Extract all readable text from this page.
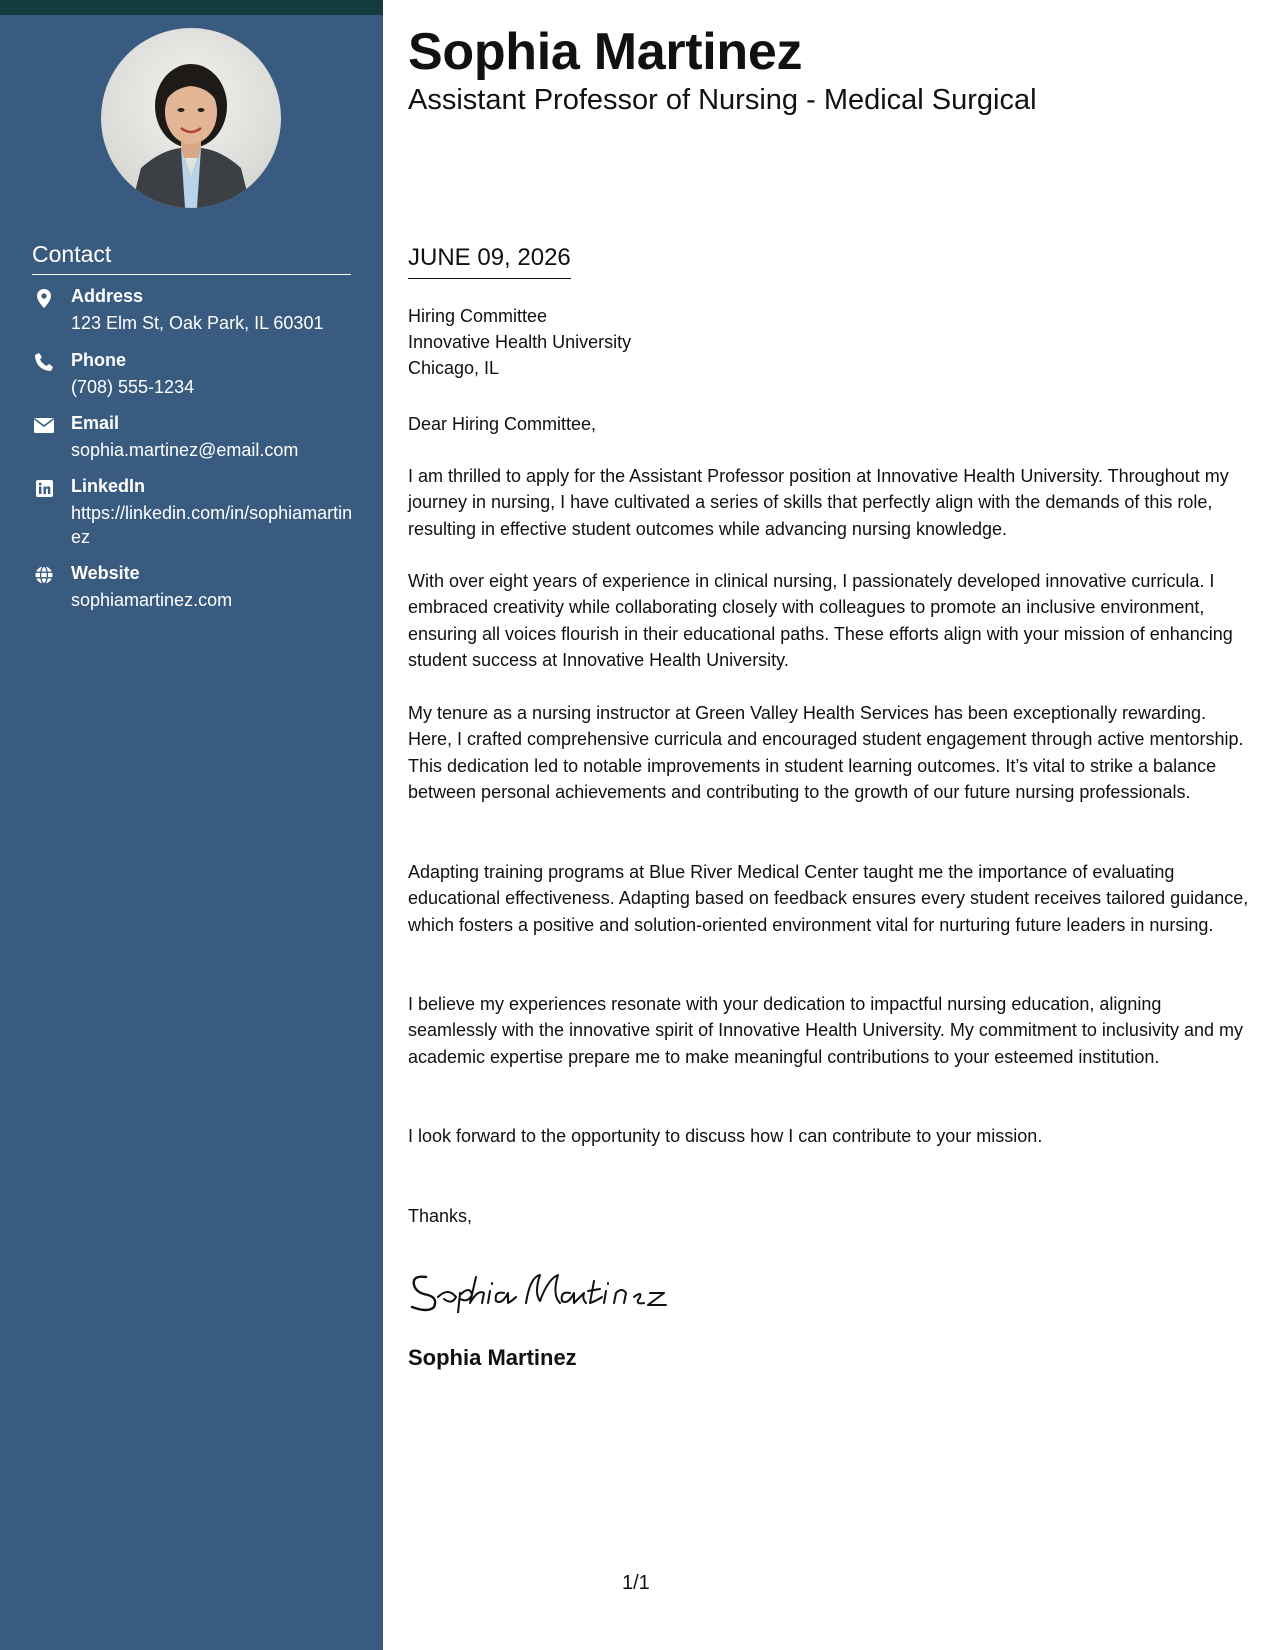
Contact
Address
123 Elm St, Oak Park, IL 60301
Phone
(708) 555-1234
Email
sophia.martinez@email.com
LinkedIn
https://linkedin.com/in/sophiamartinez
Website
sophiamartinez.com
Sophia Martinez
Assistant Professor of Nursing - Medical Surgical
JUNE 09, 2026
Hiring Committee
Innovative Health University
Chicago, IL

Dear Hiring Committee,

I am thrilled to apply for the Assistant Professor position at Innovative Health University. Throughout my journey in nursing, I have cultivated a series of skills that perfectly align with the demands of this role, resulting in effective student outcomes while advancing nursing knowledge.

With over eight years of experience in clinical nursing, I passionately developed innovative curricula. I embraced creativity while collaborating closely with colleagues to promote an inclusive environment, ensuring all voices flourish in their educational paths. These efforts align with your mission of enhancing student success at Innovative Health University.

My tenure as a nursing instructor at Green Valley Health Services has been exceptionally rewarding. Here, I crafted comprehensive curricula and encouraged student engagement through active mentorship. This dedication led to notable improvements in student learning outcomes. It’s vital to strike a balance between personal achievements and contributing to the growth of our future nursing professionals.

Adapting training programs at Blue River Medical Center taught me the importance of evaluating educational effectiveness. Adapting based on feedback ensures every student receives tailored guidance, which fosters a positive and solution-oriented environment vital for nurturing future leaders in nursing.

I believe my experiences resonate with your dedication to impactful nursing education, aligning seamlessly with the innovative spirit of Innovative Health University. My commitment to inclusivity and my academic expertise prepare me to make meaningful contributions to your esteemed institution.

I look forward to the opportunity to discuss how I can contribute to your mission.

Thanks,

Sophia Martinez
1/1
